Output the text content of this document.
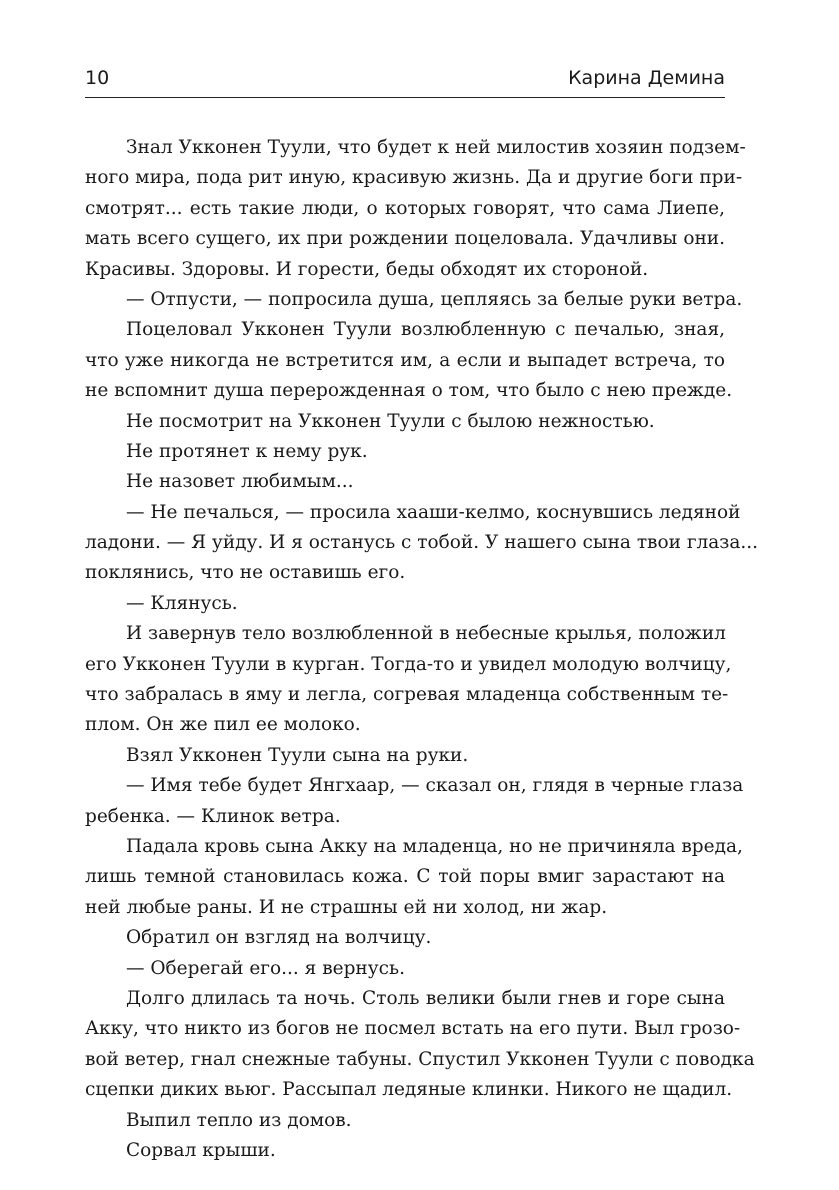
10	Карина Демина
Знал Укконен Туули, что будет к ней милостив хозяин подзем-
ного мира, пода рит иную, красивую жизнь. Да и другие боги при-
смотрят... есть такие люди, о которых говорят, что сама Лиепе,
мать всего сущего, их при рождении поцеловала. Удачливы они.
Красивы. Здоровы. И горести, беды обходят их стороной.
— Отпусти, — попросила душа, цепляясь за белые руки ветра.
Поцеловал Укконен Туули возлюбленную с печалью, зная,
что уже никогда не встретится им, а если и выпадет встреча, то
не вспомнит душа перерожденная о том, что было с нею прежде.
Не посмотрит на Укконен Туули с былою нежностью.
Не протянет к нему рук.
Не назовет любимым...
— Не печалься, — просила хааши-келмо, коснувшись ледяной
ладони. — Я уйду. И я останусь с тобой. У нашего сына твои глаза...
поклянись, что не оставишь его.
— Клянусь.
И завернув тело возлюбленной в небесные крылья, положил
его Укконен Туули в курган. Тогда-то и увидел молодую волчицу,
что забралась в яму и легла, согревая младенца собственным те-
плом. Он же пил ее молоко.
Взял Укконен Туули сына на руки.
— Имя тебе будет Янгхаар, — сказал он, глядя в черные глаза
ребенка. — Клинок ветра.
Падала кровь сына Акку на младенца, но не причиняла вреда,
лишь темной становилась кожа. С той поры вмиг зарастают на
ней любые раны. И не страшны ей ни холод, ни жар.
Обратил он взгляд на волчицу.
— Оберегай его... я вернусь.
Долго длилась та ночь. Столь велики были гнев и горе сына
Акку, что никто из богов не посмел встать на его пути. Выл грозо-
вой ветер, гнал снежные табуны. Спустил Укконен Туули с поводка
сцепки диких вьюг. Рассыпал ледяные клинки. Никого не щадил.
Выпил тепло из домов.
Сорвал крыши.
